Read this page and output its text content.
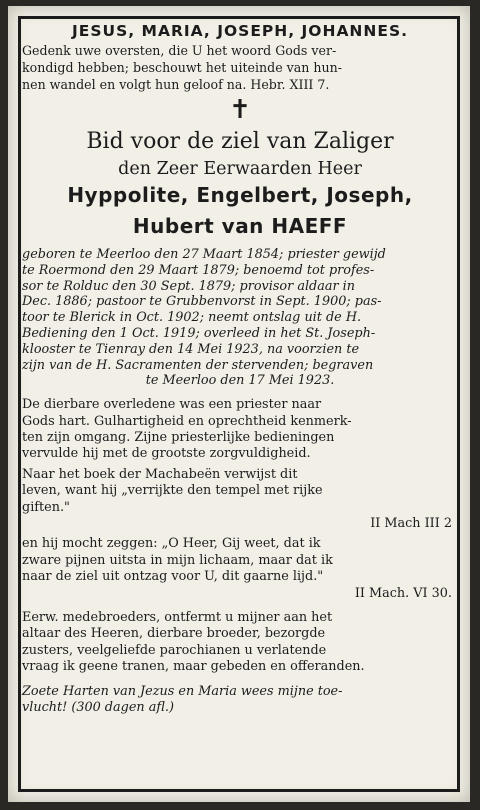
JESUS, MARIA, JOSEPH, JOHANNES.

Gedenk uwe oversten, die U het woord Gods ver-
kondigd hebben; beschouwt het uiteinde van hun-
nen wandel en volgt hun geloof na. Hebr. XIII 7.
✝
Bid voor de ziel van Zaliger
den Zeer Eerwaarden Heer
Hyppolite, Engelbert, Joseph,
Hubert van HAEFF
geboren te Meerloo den 27 Maart 1854; priester gewijd
te Roermond den 29 Maart 1879; benoemd tot profes-
sor te Rolduc den 30 Sept. 1879; provisor aldaar in
Dec. 1886; pastoor te Grubbenvorst in Sept. 1900; pas-
toor te Blerick in Oct. 1902; neemt ontslag uit de H.
Bediening den 1 Oct. 1919; overleed in het St. Joseph-
klooster te Tienray den 14 Mei 1923, na voorzien te
zijn van de H. Sacramenten der stervenden; begraven
te Meerloo den 17 Mei 1923.
De dierbare overledene was een priester naar
Gods hart. Gulhartigheid en oprechtheid kenmerk-
ten zijn omgang. Zijne priesterlijke bedieningen
vervulde hij met de grootste zorgvuldigheid.
Naar het boek der Machabeën verwijst dit
leven, want hij „verrijkte den tempel met rijke
giften."
II Mach III 2
en hij mocht zeggen: „O Heer, Gij weet, dat ik
zware pijnen uitsta in mijn lichaam, maar dat ik
naar de ziel uit ontzag voor U, dit gaarne lijd."
II Mach. VI 30.
Eerw. medebroeders, ontfermt u mijner aan het
altaar des Heeren, dierbare broeder, bezorgde
zusters, veelgeliefde parochianen u verlatende
vraag ik geene tranen, maar gebeden en offeranden.
Zoete Harten van Jezus en Maria wees mijne toe-
vlucht! (300 dagen afl.)
